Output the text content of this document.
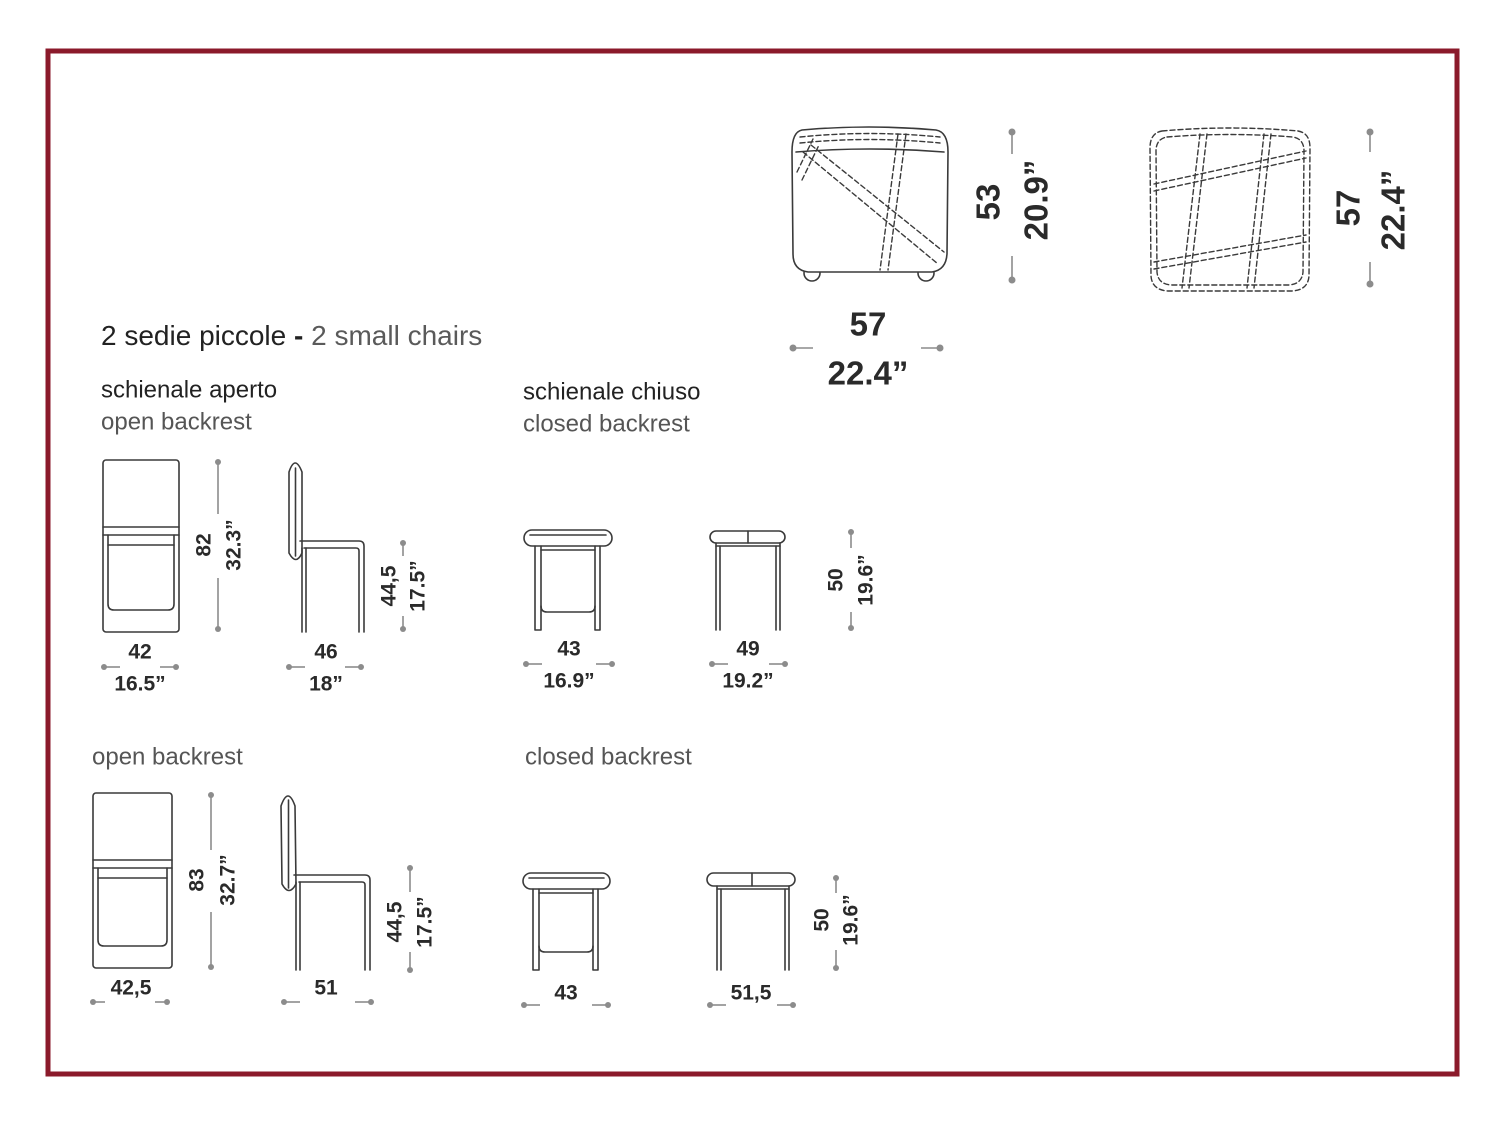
53 20.9”
57
22.4”
57 22.4”
2 sedie piccole - 2 small chairs
schienale aperto
open backrest
schienale chiuso
closed backrest
82 32.3”
42
16.5”
44,5 17.5”
46
18”
43
16.9”
49
19.2”
50 19.6”
open backrest	closed backrest
83 32.7”
42,5
44,5 17.5”
51	43	51,5
50 19.6”
